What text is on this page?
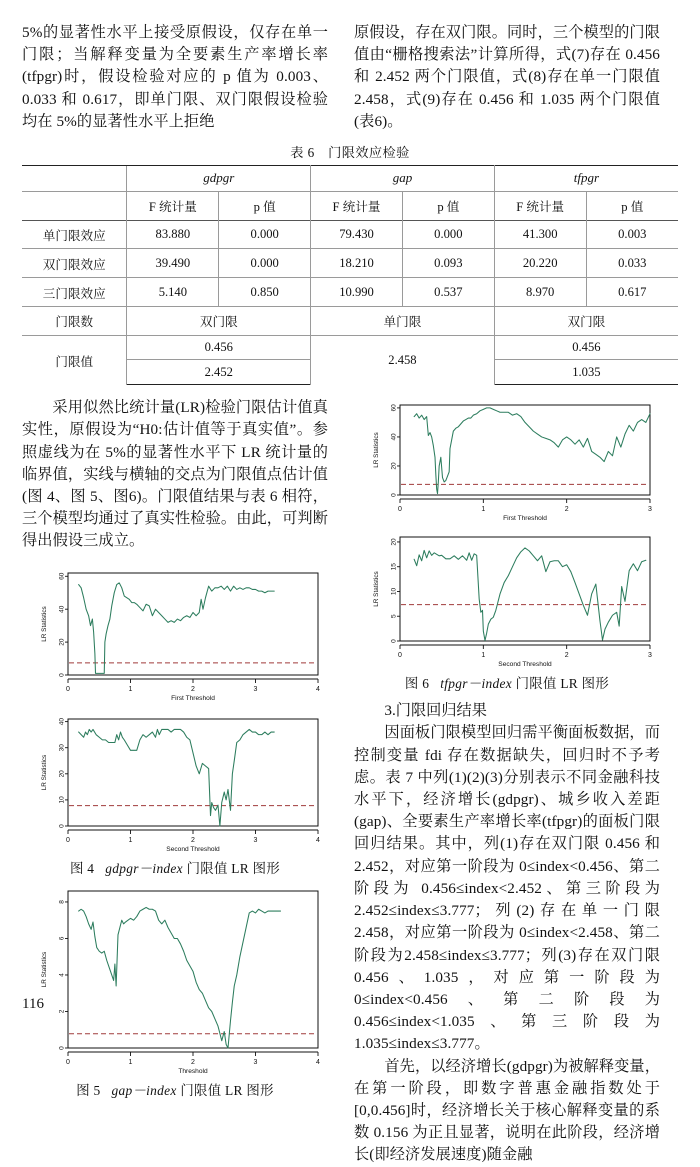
5%的显著性水平上接受原假设，仅存在单一门限；当解释变量为全要素生产率增长率(tfpgr)时，假设检验对应的 p 值为 0.003、0.033 和 0.617，即单门限、双门限假设检验均在 5%的显著性水平上拒绝

原假设，存在双门限。同时，三个模型的门限值由“栅格搜索法”计算所得，式(7)存在 0.456 和 2.452 两个门限值，式(8)存在单一门限值2.458，式(9)存在 0.456 和 1.035 两个门限值(表6)。

表 6　门限效应检验
	gdpgr		gap		tfpgr	
	F 统计量	p 值	F 统计量	p 值	F 统计量	p 值
单门限效应	83.880	0.000	79.430	0.000	41.300	0.003
双门限效应	39.490	0.000	18.210	0.093	20.220	0.033
三门限效应	5.140	0.850	10.990	0.537	8.970	0.617
门限数	双门限		单门限		双门限	
门限值	0.456		2.458		0.456	
	2.452				1.035	

采用似然比统计量(LR)检验门限估计值真实性，原假设为“H0:估计值等于真实值”。参照虚线为在 5%的显著性水平下 LR 统计量的临界值，实线与横轴的交点为门限值点估计值(图 4、图 5、图6)。门限值结果与表 6 相符，三个模型均通过了真实性检验。由此，可判断得出假设三成立。

0
20
40
60
LR Statistics
0	1	2	3	4
First Threshold
0
10
20
30
40
LR Statistics
0	1	2	3	4
Second Threshold
图 4 gdpgr－index 门限值 LR 图形
0
2
4
6
8
LR Statistics
0	1	2	3	4
Threshold
图 5 gap－index 门限值 LR 图形
0
20
40
60
LR Statistics
0	1	2	3
First Threshold
0
5
10
15
20
LR Statistics
0	1	2	3
Second Threshold
图 6 tfpgr－index 门限值 LR 图形

3.门限回归结果

因面板门限模型回归需平衡面板数据，而控制变量 fdi 存在数据缺失，回归时不予考虑。表 7 中列(1)(2)(3)分别表示不同金融科技水平下，经济增长(gdpgr)、城乡收入差距(gap)、全要素生产率增长率(tfpgr)的面板门限回归结果。其中，列(1)存在双门限 0.456 和 2.452，对应第一阶段为 0≤index<0.456、第二阶段为 0.456≤index<2.452、第三阶段为 2.452≤index≤3.777；列(2)存在单一门限2.458，对应第一阶段为 0≤index<2.458、第二阶段为2.458≤index≤3.777；列(3)存在双门限0.456、1.035，对应第一阶段为 0≤index<0.456、第二阶段为 0.456≤index<1.035、第三阶段为 1.035≤index≤3.777。

首先，以经济增长(gdpgr)为被解释变量，在第一阶段，即数字普惠金融指数处于[0,0.456]时，经济增长关于核心解释变量的系数 0.156 为正且显著，说明在此阶段，经济增长(即经济发展速度)随金融

116
